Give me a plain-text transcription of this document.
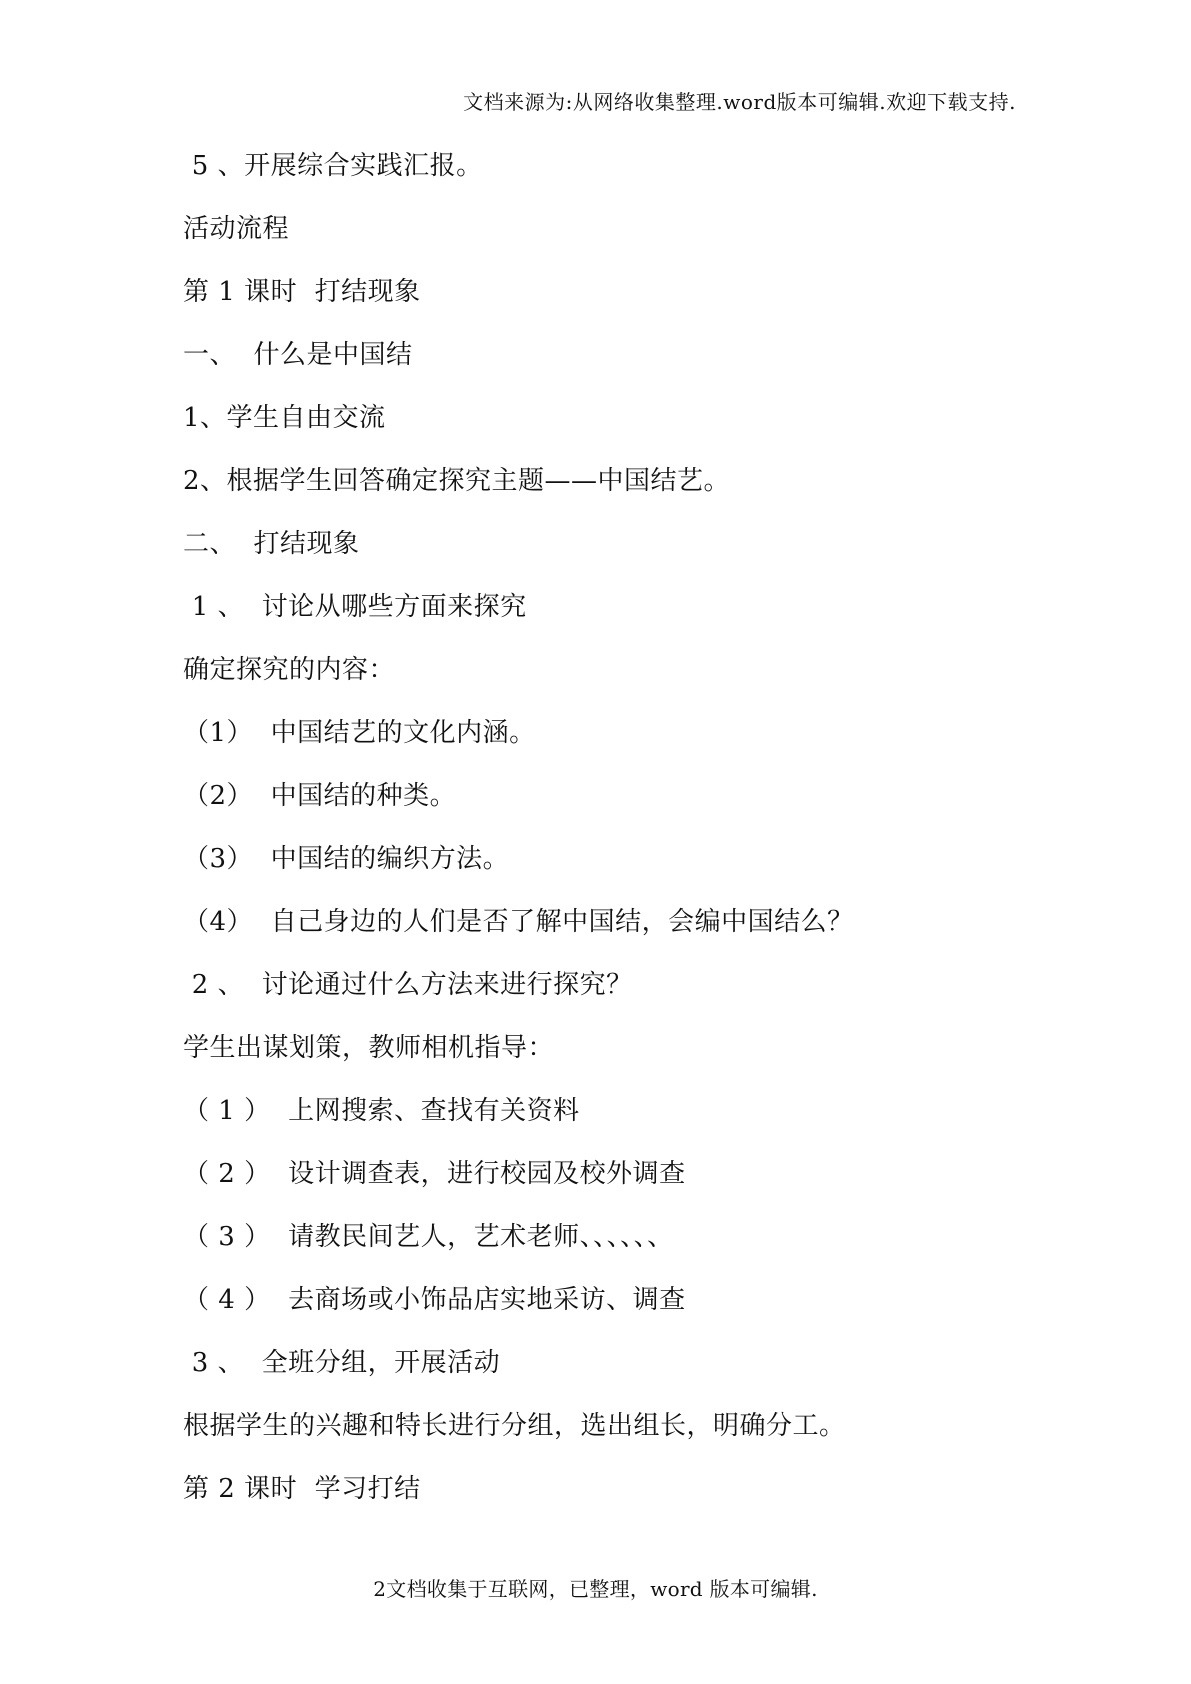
文档来源为:从网络收集整理.word版本可编辑.欢迎下载支持.
5 、开展综合实践汇报。
活动流程
第 1 课时  打结现象
一、  什么是中国结
1、学生自由交流
2、根据学生回答确定探究主题——中国结艺。
二、  打结现象
1 、  讨论从哪些方面来探究
确定探究的内容：
（1）  中国结艺的文化内涵。
（2）  中国结的种类。
（3）  中国结的编织方法。
（4）  自己身边的人们是否了解中国结，会编中国结么？
2 、  讨论通过什么方法来进行探究？
学生出谋划策，教师相机指导：
（ 1 ）  上网搜索、查找有关资料
（ 2 ）  设计调查表，进行校园及校外调查
（ 3 ）  请教民间艺人，艺术老师、、、、、、
（ 4 ）  去商场或小饰品店实地采访、调查
3 、  全班分组，开展活动
根据学生的兴趣和特长进行分组，选出组长，明确分工。
第 2 课时  学习打结
2文档收集于互联网，已整理，word 版本可编辑.
